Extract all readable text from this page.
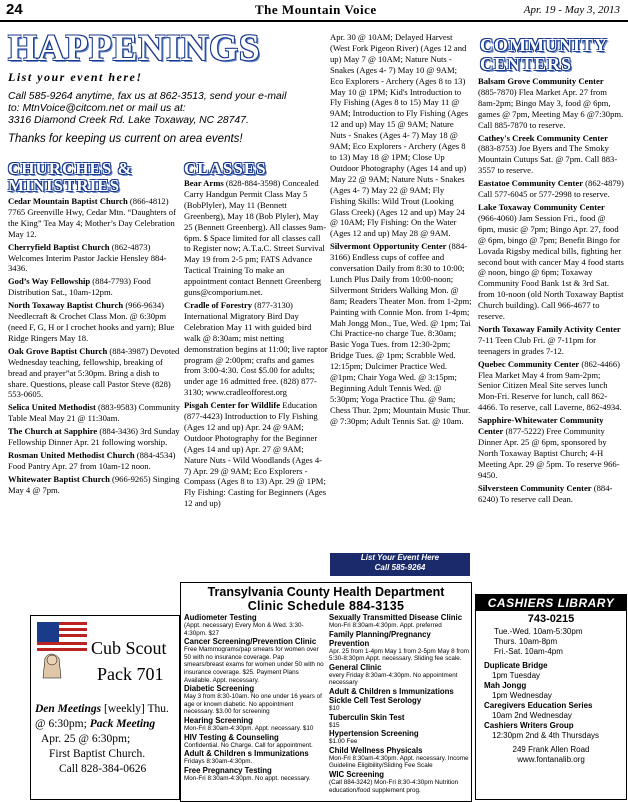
24	The Mountain Voice	Apr. 19 - May 3, 2013
HAPPENINGS
List your event here!
Call 585-9264 anytime, fax us at 862-3513, send your e-mail
to: MtnVoice@citcom.net or mail us at:
3316 Diamond Creek Rd. Lake Toxaway, NC 28747.
Thanks for keeping us current on area events!
CHURCHES & MINISTRIES

Cedar Mountain Baptist Church (866-4812) 7765 Greenville Hwy, Cedar Mtn. “Daughters of the King” Tea May 4; Mother’s Day Celebration May 12.

Cherryfield Baptist Church (862-4873) Welcomes Interim Pastor Jackie Hensley 884-3436.

God’s Way Fellowship (884-7793) Food Distribution Sat., 10am-12pm.

North Toxaway Baptist Church (966-9634) Needlecraft & Crochet Class Mon. @ 6:30pm (need F, G, H or I crochet hooks and yarn); Blue Ridge Ringers May 18.

Oak Grove Baptist Church (884-3987) Devoted Wednesday teaching, fellowship, breaking of bread and prayer”at 5:30pm. Bring a dish to share. Questions, please call Pastor Steve (828) 553-0605.

Selica United Methodist (883-9583) Community Table Meal May 21 @ 11:30am.

The Church at Sapphire (884-3436) 3rd Sunday Fellowship Dinner Apr. 21 following worship.

Rosman United Methodist Church (884-4534) Food Pantry Apr. 27 from 10am-12 noon.

Whitewater Baptist Church (966-9265) Singing May 4 @ 7pm.

CLASSES

Bear Arms (828-884-3598) Concealed Carry Handgun Permit Class May 5 (BobPlyler), May 11 (Bennett Greenberg), May 18 (Bob Plyler), May 25 (Bennett Greenberg). All classes 9am-6pm. $ Space limited for all classes call to Register now; A.T.a.C. Street Survival May 19 from 2-5 pm; FATS Advance Tactical Training To make an appointment contact Bennett Greenberg guns@comporium.net.

Cradle of Forestry (877-3130) International Migratory Bird Day Celebration May 11 with guided bird walk @ 8:30am; mist netting demonstration begins at 11:00; live raptor program @ 2:00pm; crafts and games from 3:00-4:30. Cost $5.00 for adults; under age 16 admitted free. (828) 877-3130; www.cradleofforest.org

Pisgah Center for Wildlife Education (877-4423) Introduction to Fly Fishing (Ages 12 and up) Apr. 24 @ 9AM; Outdoor Photography for the Beginner (Ages 14 and up) Apr. 27 @ 9AM; Nature Nuts - Wild Woodlands (Ages 4- 7) Apr. 29 @ 9AM; Eco Explorers - Compass (Ages 8 to 13) Apr. 29 @ 1PM; Fly Fishing: Casting for Beginners (Ages 12 and up)

Apr. 30 @ 10AM; Delayed Harvest (West Fork Pigeon River) (Ages 12 and up) May 7 @ 10AM; Nature Nuts - Snakes (Ages 4- 7) May 10 @ 9AM; Eco Explorers - Archery (Ages 8 to 13) May 10 @ 1PM; Kid's Introduction to Fly Fishing (Ages 8 to 15) May 11 @ 9AM; Introduction to Fly Fishing (Ages 12 and up) May 15 @ 9AM; Nature Nuts - Snakes (Ages 4- 7) May 18 @ 9AM; Eco Explorers - Archery (Ages 8 to 13) May 18 @ 1PM; Close Up Outdoor Photography (Ages 14 and up) May 22 @ 9AM; Nature Nuts - Snakes (Ages 4- 7) May 22 @ 9AM; Fly Fishing Skills: Wild Trout (Looking Glass Creek) (Ages 12 and up) May 24 @ 10AM; Fly Fishing: On the Water (Ages 12 and up) May 28 @ 9AM.

Silvermont Opportunity Center (884-3166) Endless cups of coffee and conversation Daily from 8:30 to 10:00; Lunch Plus Daily from 10:00-noon; Silvermont Striders Walking Mon. @ 8am; Readers Theater Mon. from 1-2pm; Painting with Connie Mon. from 1-4pm; Mah Jongg Mon., Tue, Wed. @ 1pm; Tai Chi Practice-no charge Tue. 8:30am; Basic Yoga Tues. from 12:30-2pm; Bridge Tues. @ 1pm; Scrabble Wed. 12:15pm; Dulcimer Practice Wed. @1pm; Chair Yoga Wed. @ 3:15pm; Beginning Adult Tennis Wed. @ 5:30pm; Yoga Practice Thu. @ 9am; Chess Thur. 2pm; Mountain Music Thur. @ 7:30pm; Adult Tennis Sat. @ 10am.

List Your Event Here
Call 585-9264
COMMUNITY CENTERS

Balsam Grove Community Center (885-7870) Flea Market Apr. 27 from 8am-2pm; Bingo May 3, food @ 6pm, games @ 7pm, Meeting May 6 @7:30pm. Call 885-7870 to reserve.

Cathey's Creek Community Center (883-8753) Joe Byers and The Smoky Mountain Cutups Sat. @ 7pm. Call 883-3557 to reserve.

Eastatoe Community Center (862-4879) Call 577-6045 or 577-2998 to reserve.

Lake Toxaway Community Center (966-4060) Jam Session Fri., food @ 6pm, music @ 7pm; Bingo Apr. 27, food @ 6pm, bingo @ 7pm; Benefit Bingo for Lovada Rigsby medical bills, fighting her second bout with cancer May 4 food starts @ noon, bingo @ 6pm; Toxaway Community Food Bank 1st & 3rd Sat. from 10-noon (old North Toxaway Baptist Church building). Call 966-4677 to reserve.

North Toxaway Family Activity Center 7-11 Teen Club Fri. @ 7-11pm for teenagers in grades 7-12.

Quebec Community Center (862-4466) Flea Market May 4 from 9am-2pm; Senior Citizen Meal Site serves lunch Mon-Fri. Reserve for lunch, call 862-4466. To reserve, call Laverne, 862-4934.

Sapphire-Whitewater Community Center (877-5222) Free Community Dinner Apr. 25 @ 6pm, sponsored by North Toxaway Baptist Church; 4-H Meeting Apr. 29 @ 5pm. To reserve 966-9450.

Silversteen Community Center (884-6240) To reserve call Dean.

Transylvania County Health Department
Clinic Schedule 884-3135
Audiometer Testing
(Appt. necessary) Every Mon & Wed. 3:30-4:30pm. $27
Cancer Screening/Prevention Clinic
Free Mammograms/pap smears for women over 50 with no insurance coverage. Pap smears/breast exams for women under 50 with no insurance coverage. $25. Payment Plans Available. Appt. necessary.
Diabetic Screening
May 3 from 8:30-10am. No one under 16 years of age or known diabetic. No appointment necessary. $3.00 for screening
Hearing Screening
Mon-Fri 8:30am-4:30pm. Appt. necessary. $10
HIV Testing & Counseling
Confidential. No Charge. Call for appointment.
Adult & Children s Immunizations
Fridays 8:30am-4:30pm.
Free Pregnancy Testing
Mon-Fri 8:30am-4:30pm. No appt. necessary.
Sexually Transmitted Disease Clinic
Mon-Fri 8:30am-4:30pm. Appt. preferred
Family Planning/Pregnancy Prevention
Apr. 25 from 1-4pm May 1 from 2-5pm May 8 from 5:30-8:30pm Appt. necessary. Sliding fee scale.
General Clinic
every Friday 8:30am-4:30pm. No appointment necessary
Adult & Children s Immunizations
Sickle Cell Test Serology
$10
Tuberculin Skin Test
$15
Hypertension Screening
$1.00 Fee
Child Wellness Physicals
Mon-Fri 8:30am-4:30pm. Appt. necessary. Income Guideline Eligibility/Sliding Fee Scale
WIC Screening
(Call 884-3242) Mon-Fri 8:30-4:30pm Nutrition education/food supplement prog.
CASHIERS LIBRARY
743-0215
Tue.-Wed. 10am-5:30pm
Thurs. 10am-8pm
Fri.-Sat. 10am-4pm
Duplicate Bridge
1pm Tuesday
Mah Jongg
1pm Wednesday
Caregivers Education Series
10am 2nd Wednesday
Cashiers Writers Group
12:30pm 2nd & 4th Thursdays
249 Frank Allen Road
www.fontanalib.org
Cub Scout
Pack 701
Den Meetings [weekly] Thu. @ 6:30pm; Pack Meeting
Apr. 25 @ 6:30pm;
First Baptist Church.
Call 828-384-0626
